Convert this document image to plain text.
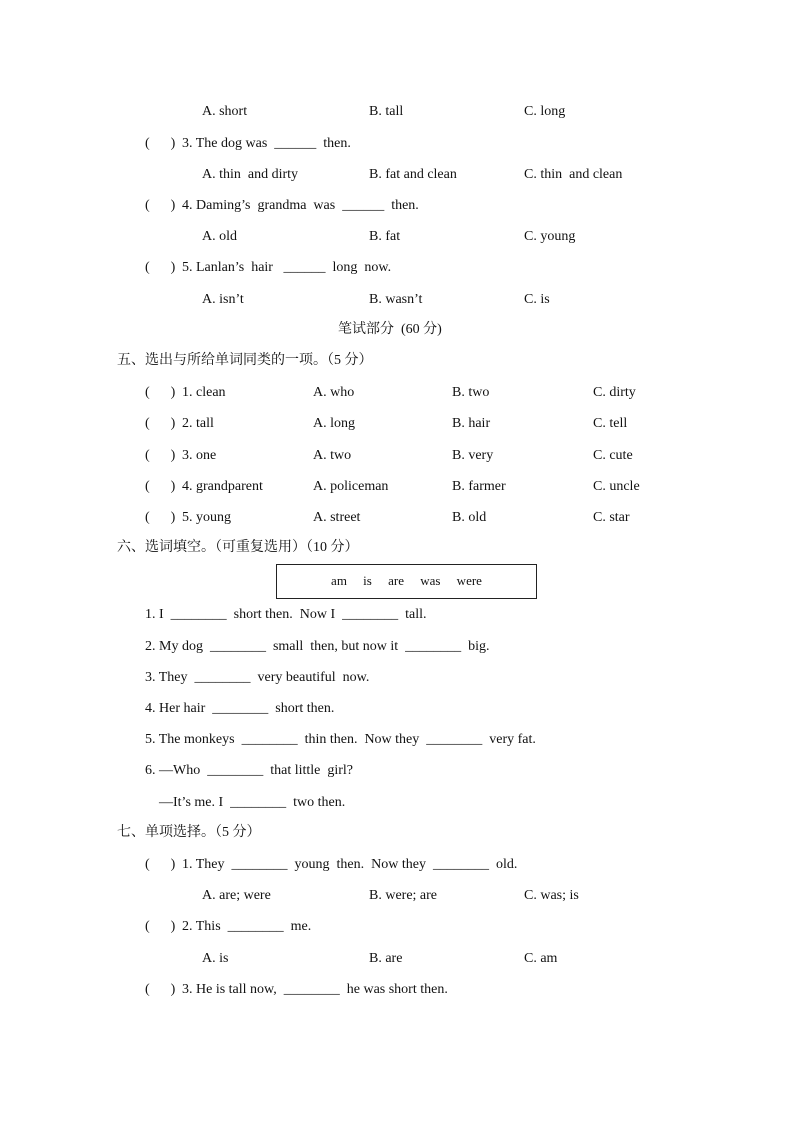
A. short	B. tall	C. long
(      ) 3. The dog was  ______  then.
A. thin  and dirty	B. fat and clean	C. thin  and clean
(      ) 4. Daming’s  grandma  was  ______  then.
A. old	B. fat	C. young
(      ) 5. Lanlan’s  hair   ______  long  now.
A. isn’t	B. wasn’t	C. is
笔试部分  (60 分)
五、选出与所给单词同类的一项。（5 分）
(      ) 1. clean	A. who	B. two	C. dirty
(      ) 2. tall	A. long	B. hair	C. tell
(      ) 3. one	A. two	B. very	C. cute
(      ) 4. grandparent	A. policeman	B. farmer	C. uncle
(      ) 5. young	A. street	B. old	C. star
六、选词填空。（可重复选用）（10 分）
am     is     are     was     were
1. I  ________  short then.  Now I  ________  tall.
2. My dog  ________  small  then, but now it  ________  big.
3. They  ________  very beautiful  now.
4. Her hair  ________  short then.
5. The monkeys  ________  thin then.  Now they  ________  very fat.
6. —Who  ________  that little  girl?
—It’s me. I  ________  two then.
七、单项选择。（5 分）
(      ) 1. They  ________  young  then.  Now they  ________  old.
A. are; were	B. were; are	C. was; is
(      ) 2. This  ________  me.
A. is	B. are	C. am
(      ) 3. He is tall now,  ________  he was short then.
